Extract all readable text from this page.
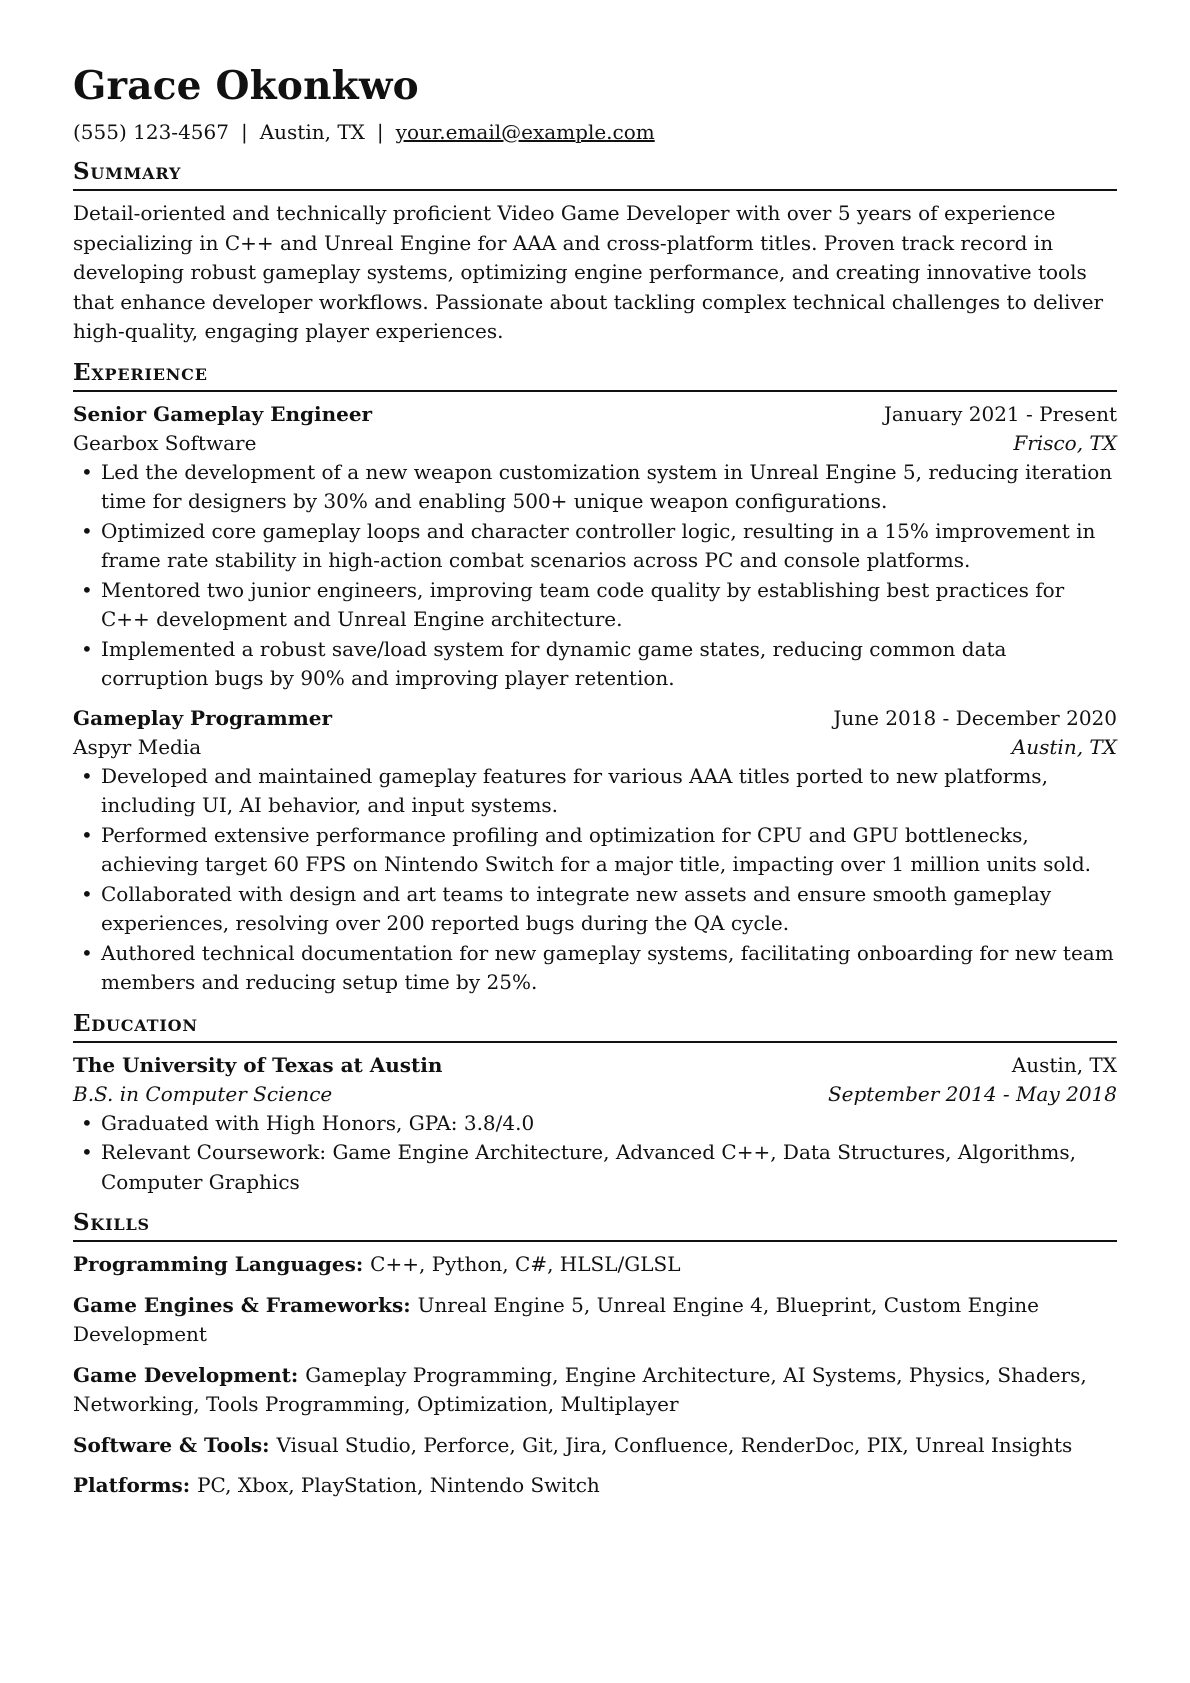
Grace Okonkwo
(555) 123-4567 | Austin, TX | your.email@example.com
Summary

Detail-oriented and technically proficient Video Game Developer with over 5 years of experience specializing in C++ and Unreal Engine for AAA and cross-platform titles. Proven track record in developing robust gameplay systems, optimizing engine performance, and creating innovative tools that enhance developer workflows. Passionate about tackling complex technical challenges to deliver high-quality, engaging player experiences.

Experience
Senior Gameplay Engineer	January 2021 - Present
Gearbox Software	Frisco, TX
• Led the development of a new weapon customization system in Unreal Engine 5, reducing iteration time for designers by 30% and enabling 500+ unique weapon configurations.
• Optimized core gameplay loops and character controller logic, resulting in a 15% improvement in frame rate stability in high-action combat scenarios across PC and console platforms.
• Mentored two junior engineers, improving team code quality by establishing best practices for C++ development and Unreal Engine architecture.
• Implemented a robust save/load system for dynamic game states, reducing common data corruption bugs by 90% and improving player retention.
Gameplay Programmer	June 2018 - December 2020
Aspyr Media	Austin, TX
• Developed and maintained gameplay features for various AAA titles ported to new platforms, including UI, AI behavior, and input systems.
• Performed extensive performance profiling and optimization for CPU and GPU bottlenecks, achieving target 60 FPS on Nintendo Switch for a major title, impacting over 1 million units sold.
• Collaborated with design and art teams to integrate new assets and ensure smooth gameplay experiences, resolving over 200 reported bugs during the QA cycle.
• Authored technical documentation for new gameplay systems, facilitating onboarding for new team members and reducing setup time by 25%.
Education
The University of Texas at Austin	Austin, TX
B.S. in Computer Science	September 2014 - May 2018
• Graduated with High Honors, GPA: 3.8/4.0
• Relevant Coursework: Game Engine Architecture, Advanced C++, Data Structures, Algorithms, Computer Graphics
Skills
Programming Languages: C++, Python, C#, HLSL/GLSL
Game Engines & Frameworks: Unreal Engine 5, Unreal Engine 4, Blueprint, Custom Engine Development
Game Development: Gameplay Programming, Engine Architecture, AI Systems, Physics, Shaders, Networking, Tools Programming, Optimization, Multiplayer
Software & Tools: Visual Studio, Perforce, Git, Jira, Confluence, RenderDoc, PIX, Unreal Insights
Platforms: PC, Xbox, PlayStation, Nintendo Switch
